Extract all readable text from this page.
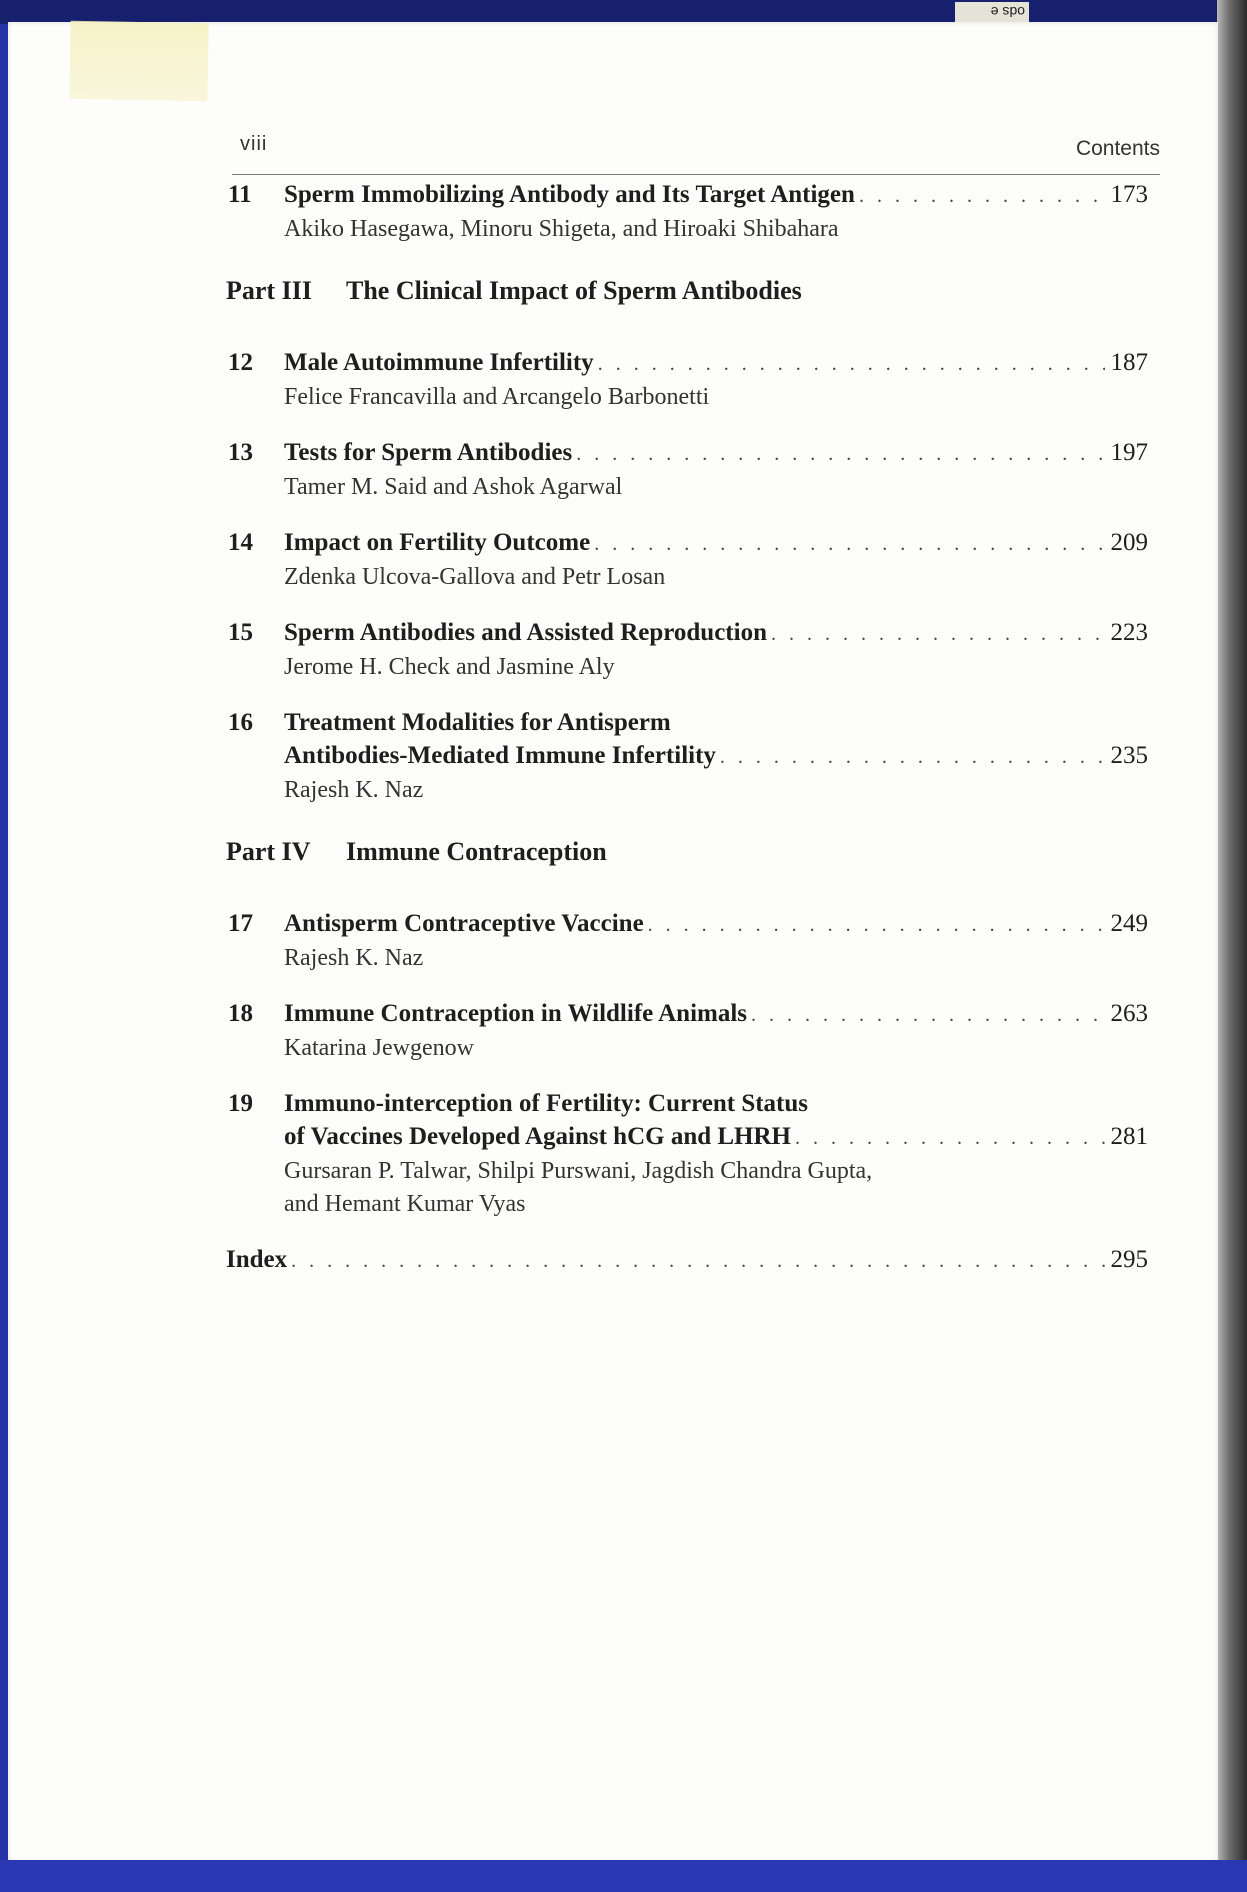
ods e
viii	Contents
11 Sperm Immobilizing Antibody and Its Target Antigen . . .	173
Akiko Hasegawa, Minoru Shigeta, and Hiroaki Shibahara
Part III The Clinical Impact of Sperm Antibodies
12 Male Autoimmune Infertility . . .	187
Felice Francavilla and Arcangelo Barbonetti
13 Tests for Sperm Antibodies . . .	197
Tamer M. Said and Ashok Agarwal
14 Impact on Fertility Outcome . . .	209
Zdenka Ulcova-Gallova and Petr Losan
15 Sperm Antibodies and Assisted Reproduction . . .	223
Jerome H. Check and Jasmine Aly
16 Treatment Modalities for Antisperm
Antibodies-Mediated Immune Infertility . . .	235
Rajesh K. Naz
Part IV Immune Contraception
17 Antisperm Contraceptive Vaccine . . .	249
Rajesh K. Naz
18 Immune Contraception in Wildlife Animals . . .	263
Katarina Jewgenow
19 Immuno-interception of Fertility: Current Status
of Vaccines Developed Against hCG and LHRH . . .	281
Gursaran P. Talwar, Shilpi Purswani, Jagdish Chandra Gupta,
and Hemant Kumar Vyas
Index . . .	295
